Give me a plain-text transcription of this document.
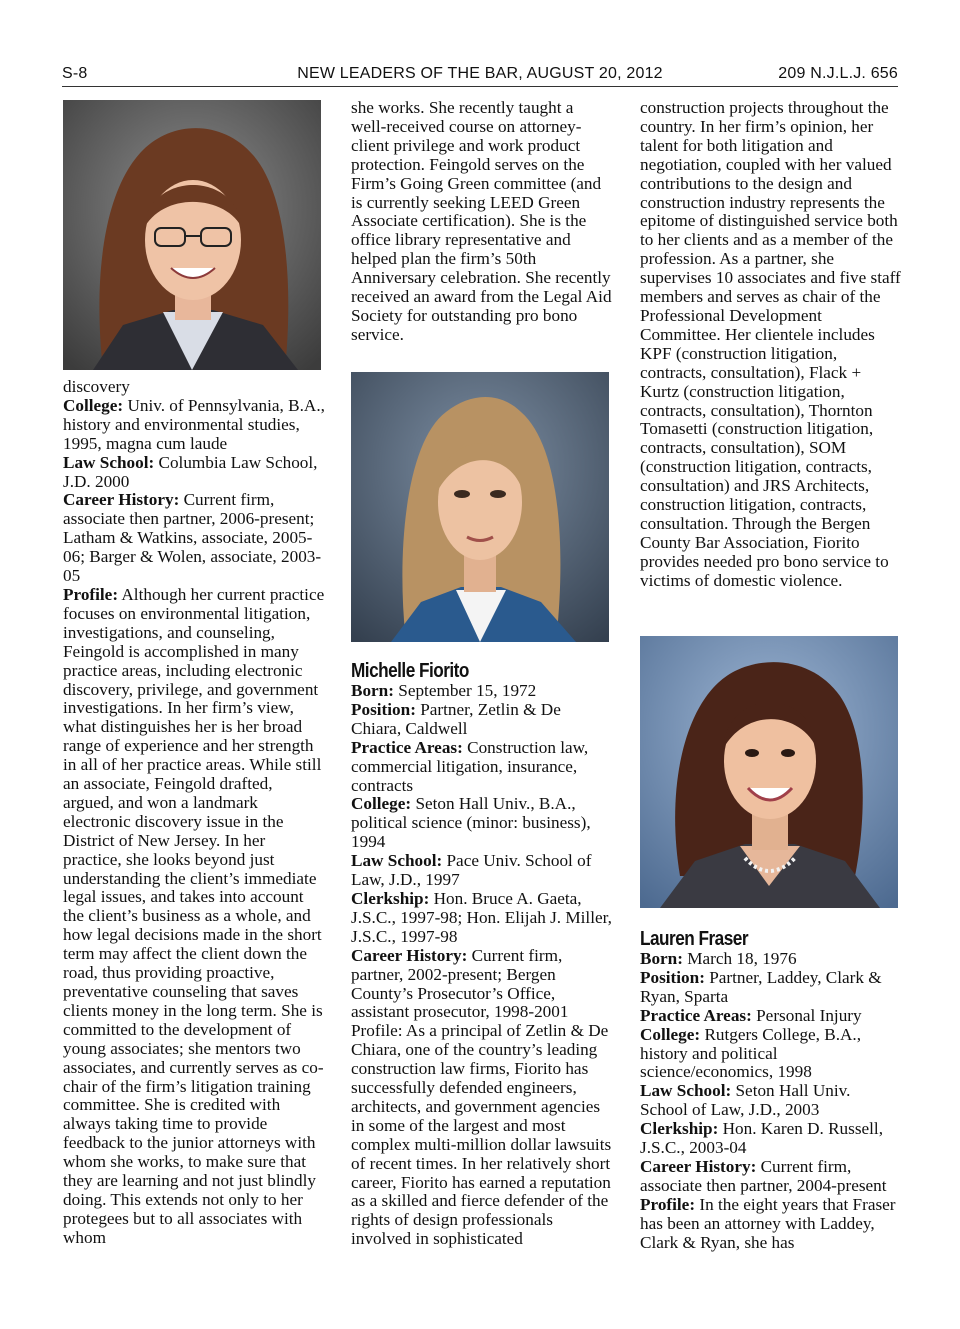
S-8	NEW LEADERS OF THE BAR, AUGUST 20, 2012	209 N.J.L.J. 656

discovery

College: Univ. of Pennsylvania, B.A., history and environmental studies, 1995, magna cum laude

Law School: Columbia Law School, J.D. 2000

Career History: Current firm, associate then partner, 2006-present; Latham & Watkins, associate, 2005-06; Barger & Wolen, associate, 2003-05

Profile: Although her current practice focuses on environmental litigation, investigations, and counseling, Feingold is accomplished in many practice areas, including electronic discovery, privilege, and government investigations. In her firm’s view, what distinguishes her is her broad range of experience and her strength in all of her practice areas. While still an associate, Feingold drafted, argued, and won a landmark electronic discovery issue in the District of New Jersey. In her practice, she looks beyond just understanding the client’s immediate legal issues, and takes into account the client’s business as a whole, and how legal decisions made in the short term may affect the client down the road, thus providing proactive, preventative counseling that saves clients money in the long term. She is committed to the development of young associates; she mentors two associates, and currently serves as co-chair of the firm’s litigation training committee. She is credited with always taking time to provide feedback to the junior attorneys with whom she works, to make sure that they are learning and not just blindly doing. This extends not only to her protegees but to all associates with whom

she works. She recently taught a well-received course on attorney-client privilege and work product protection. Feingold serves on the Firm’s Going Green committee (and is currently seeking LEED Green Associate certification). She is the office library representative and helped plan the firm’s 50th Anniversary celebration. She recently received an award from the Legal Aid Society for outstanding pro bono service.

Michelle Fiorito

Born: September 15, 1972

Position: Partner, Zetlin & De Chiara, Caldwell

Practice Areas: Construction law, commercial litigation, insurance, contracts

College: Seton Hall Univ., B.A., political science (minor: business), 1994

Law School: Pace Univ. School of Law, J.D., 1997

Clerkship: Hon. Bruce A. Gaeta, J.S.C., 1997-98; Hon. Elijah J. Miller, J.S.C., 1997-98

Career History: Current firm, partner, 2002-present; Bergen County’s Prosecutor’s Office, assistant prosecutor, 1998-2001

Profile: As a principal of Zetlin & De Chiara, one of the country’s leading construction law firms, Fiorito has successfully defended engineers, architects, and government agencies in some of the largest and most complex multi-million dollar lawsuits of recent times. In her relatively short career, Fiorito has earned a reputation as a skilled and fierce defender of the rights of design professionals involved in sophisticated

construction projects throughout the country. In her firm’s opinion, her talent for both litigation and negotiation, coupled with her valued contributions to the design and construction industry represents the epitome of distinguished service both to her clients and as a member of the profession. As a partner, she supervises 10 associates and five staff members and serves as chair of the Professional Development Committee. Her clientele includes KPF (construction litigation, contracts, consultation), Flack + Kurtz (construction litigation, contracts, consultation), Thornton Tomasetti (construction litigation, contracts, consultation), SOM (construction litigation, contracts, consultation) and JRS Architects, construction litigation, contracts, consultation. Through the Bergen County Bar Association, Fiorito provides needed pro bono service to victims of domestic violence.

Lauren Fraser

Born: March 18, 1976

Position: Partner, Laddey, Clark & Ryan, Sparta

Practice Areas: Personal Injury

College: Rutgers College, B.A., history and political science/economics, 1998

Law School: Seton Hall Univ. School of Law, J.D., 2003

Clerkship: Hon. Karen D. Russell, J.S.C., 2003-04

Career History: Current firm, associate then partner, 2004-present

Profile: In the eight years that Fraser has been an attorney with Laddey, Clark & Ryan, she has
